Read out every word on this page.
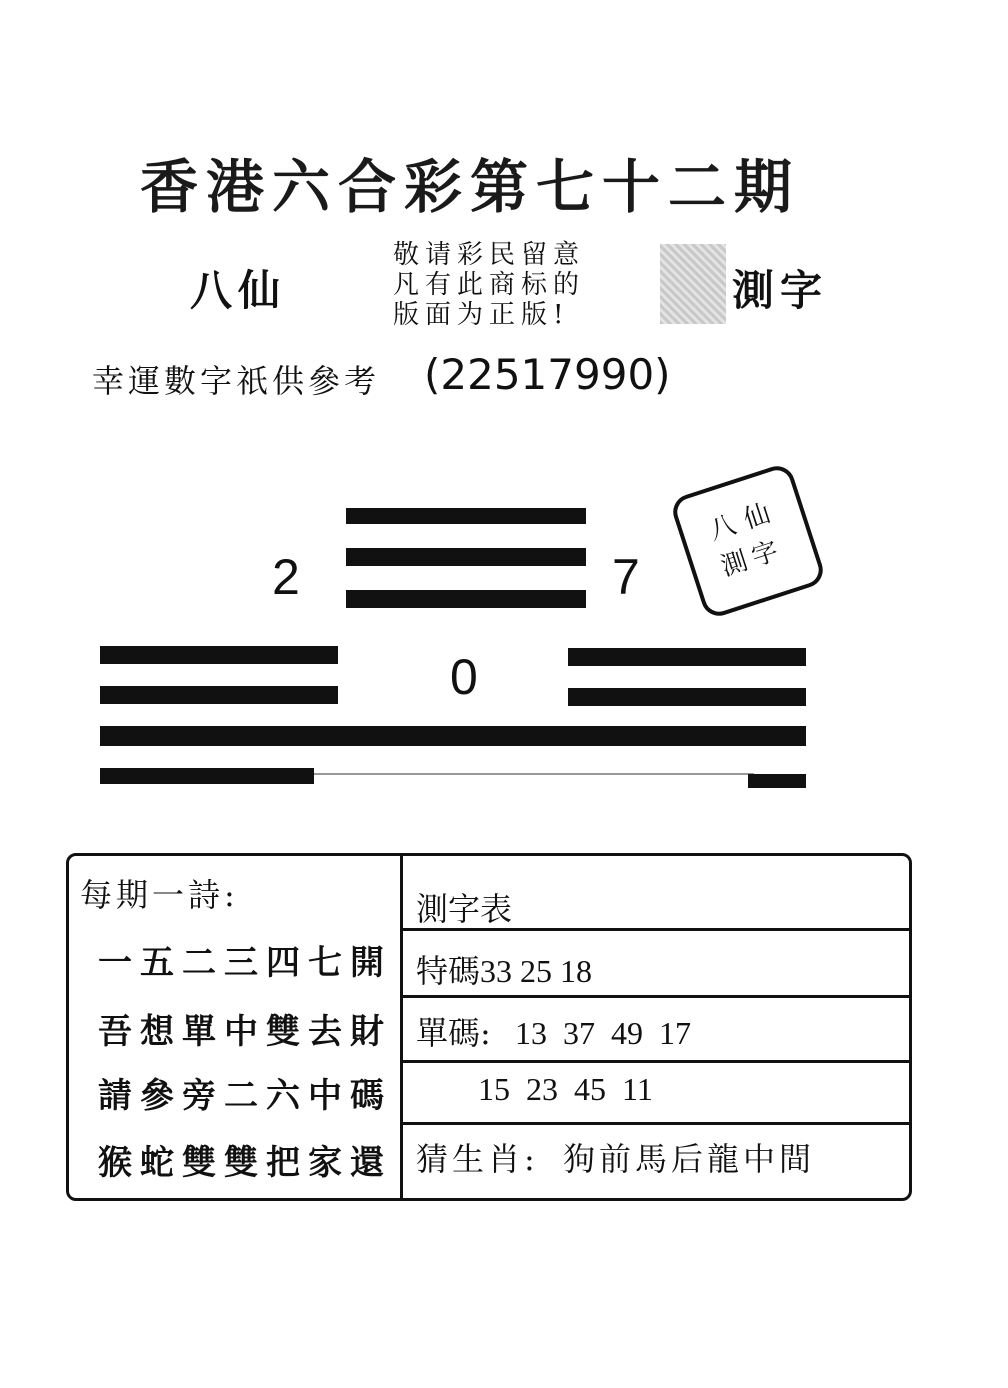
香港六合彩第七十二期
八仙
敬请彩民留意
凡有此商标的
版面为正版!	測字
幸運數字祇供參考 (22517990)
2	7
0
八仙
測字
每期一詩:
一五二三四七開
吾想單中雙去財
請參旁二六中碼
猴蛇雙雙把家還
測字表
特碼33 25 18
單碼: 13  37  49  17
15  23  45  11
猜生肖: 狗前馬后龍中間
